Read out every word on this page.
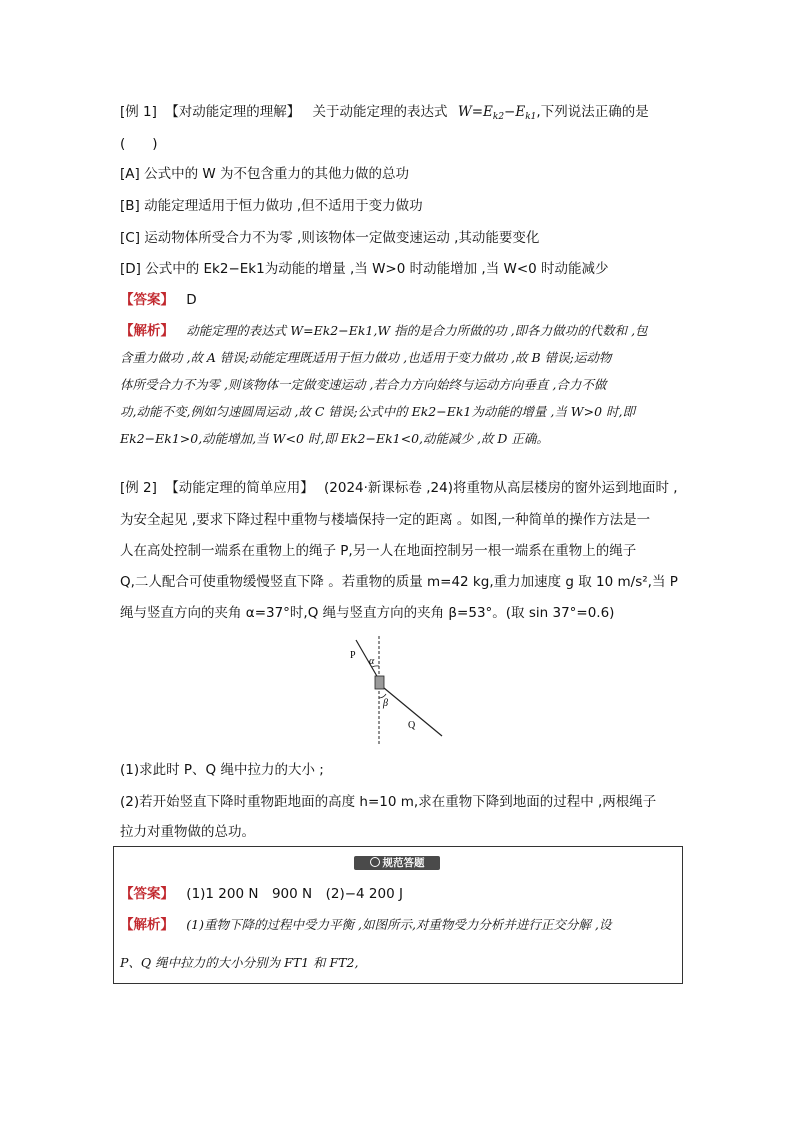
[例 1] 【对动能定理的理解】 关于动能定理的表达式 $W=E_{k2}-E_{k1}$,下列说法正确的是
(　　)
[A] 公式中的 W 为不包含重力的其他力做的总功
[B] 动能定理适用于恒力做功 ,但不适用于变力做功
[C] 运动物体所受合力不为零 ,则该物体一定做变速运动 ,其动能要变化
[D] 公式中的 Ek2−Ek1为动能的增量 ,当 W>0 时动能增加 ,当 W<0 时动能减少
【答案】 D
【解析】 动能定理的表达式 W=Ek2−Ek1,W 指的是合力所做的功 ,即各力做功的代数和 ,包
含重力做功 ,故 A 错误;动能定理既适用于恒力做功 ,也适用于变力做功 ,故 B 错误;运动物
体所受合力不为零 ,则该物体一定做变速运动 ,若合力方向始终与运动方向垂直 ,合力不做
功,动能不变,例如匀速圆周运动 ,故 C 错误;公式中的 Ek2−Ek1为动能的增量 ,当 W>0 时,即
Ek2−Ek1>0,动能增加,当 W<0 时,即 Ek2−Ek1<0,动能减少 ,故 D 正确。
[例 2] 【动能定理的简单应用】 (2024·新课标卷 ,24)将重物从高层楼房的窗外运到地面时 ,
为安全起见 ,要求下降过程中重物与楼墙保持一定的距离 。如图,一种简单的操作方法是一
人在高处控制一端系在重物上的绳子 P,另一人在地面控制另一根一端系在重物上的绳子
Q,二人配合可使重物缓慢竖直下降 。若重物的质量 m=42 kg,重力加速度 g 取 10 m/s²,当 P
绳与竖直方向的夹角 α=37°时,Q 绳与竖直方向的夹角 β=53°。(取 sin 37°=0.6)
P
α
β
Q
(1)求此时 P、Q 绳中拉力的大小 ;
(2)若开始竖直下降时重物距地面的高度 h=10 m,求在重物下降到地面的过程中 ,两根绳子
拉力对重物做的总功。
规范答题
【答案】 (1)1 200 N　900 N　(2)−4 200 J
【解析】 (1)重物下降的过程中受力平衡 ,如图所示,对重物受力分析并进行正交分解 ,设
P、Q 绳中拉力的大小分别为 FT1 和 FT2,
